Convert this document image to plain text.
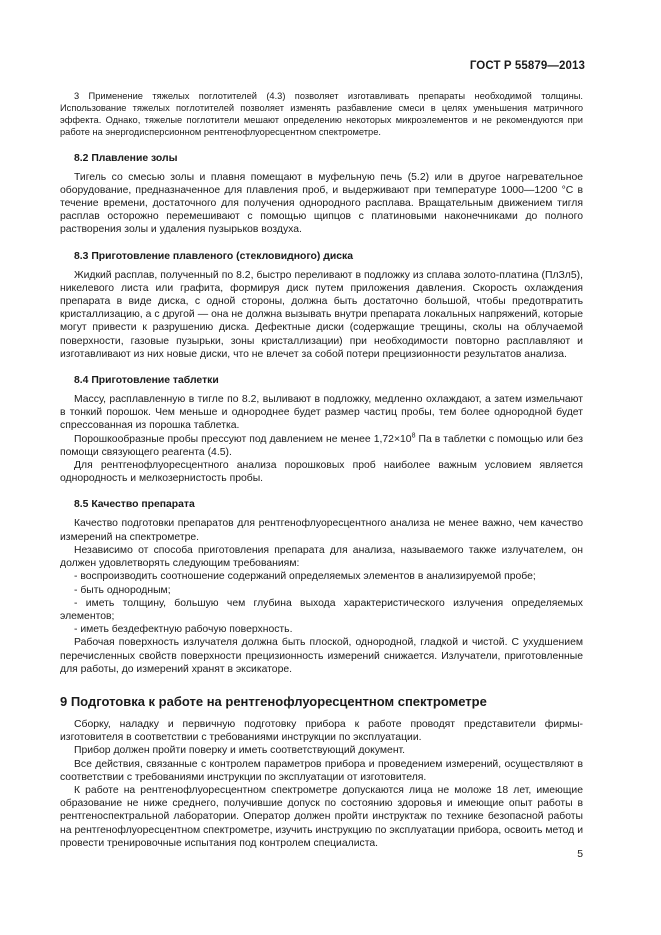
ГОСТ Р 55879—2013

3 Применение тяжелых поглотителей (4.3) позволяет изготавливать препараты необходимой толщины. Использование тяжелых поглотителей позволяет изменять разбавление смеси в целях уменьшения матричного эффекта. Однако, тяжелые поглотители мешают определению некоторых микроэлементов и не рекомендуются при работе на энергодисперсионном рентгенофлуоресцентном спектрометре.

8.2 Плавление золы

Тигель со смесью золы и плавня помещают в муфельную печь (5.2) или в другое нагревательное оборудование, предназначенное для плавления проб, и выдерживают при температуре 1000—1200 °C в течение времени, достаточного для получения однородного расплава. Вращательным движением тигля расплав осторожно перемешивают с помощью щипцов с платиновыми наконечниками до полного растворения золы и удаления пузырьков воздуха.

8.3 Приготовление плавленого (стекловидного) диска

Жидкий расплав, полученный по 8.2, быстро переливают в подложку из сплава золото-платина (ПлЗл5), никелевого листа или графита, формируя диск путем приложения давления. Скорость охлаждения препарата в виде диска, с одной стороны, должна быть достаточно большой, чтобы предотвратить кристаллизацию, а с другой — она не должна вызывать внутри препарата локальных напряжений, которые могут привести к разрушению диска. Дефектные диски (содержащие трещины, сколы на облучаемой поверхности, газовые пузырьки, зоны кристаллизации) при необходимости повторно расплавляют и изготавливают из них новые диски, что не влечет за собой потери прецизионности результатов анализа.

8.4 Приготовление таблетки

Массу, расплавленную в тигле по 8.2, выливают в подложку, медленно охлаждают, а затем измельчают в тонкий порошок. Чем меньше и однороднее будет размер частиц пробы, тем более однородной будет спрессованная из порошка таблетка.

Порошкообразные пробы прессуют под давлением не менее $1,72\times 10^8$ Па в таблетки с помощью или без помощи связующего реагента (4.5).

Для рентгенофлуоресцентного анализа порошковых проб наиболее важным условием является однородность и мелкозернистость пробы.

8.5 Качество препарата

Качество подготовки препаратов для рентгенофлуоресцентного анализа не менее важно, чем качество измерений на спектрометре.

Независимо от способа приготовления препарата для анализа, называемого также излучателем, он должен удовлетворять следующим требованиям:

- воспроизводить соотношение содержаний определяемых элементов в анализируемой пробе;

- быть однородным;

- иметь толщину, большую чем глубина выхода характеристического излучения определяемых элементов;

- иметь бездефектную рабочую поверхность.

Рабочая поверхность излучателя должна быть плоской, однородной, гладкой и чистой. С ухудшением перечисленных свойств поверхности прецизионность измерений снижается. Излучатели, приготовленные для работы, до измерений хранят в эксикаторе.

9 Подготовка к работе на рентгенофлуоресцентном спектрометре

Сборку, наладку и первичную подготовку прибора к работе проводят представители фирмы-изготовителя в соответствии с требованиями инструкции по эксплуатации.

Прибор должен пройти поверку и иметь соответствующий документ.

Все действия, связанные с контролем параметров прибора и проведением измерений, осуществляют в соответствии с требованиями инструкции по эксплуатации от изготовителя.

К работе на рентгенофлуоресцентном спектрометре допускаются лица не моложе 18 лет, имеющие образование не ниже среднего, получившие допуск по состоянию здоровья и имеющие опыт работы в рентгеноспектральной лаборатории. Оператор должен пройти инструктаж по технике безопасной работы на рентгенофлуоресцентном спектрометре, изучить инструкцию по эксплуатации прибора, освоить метод и провести тренировочные испытания под контролем специалиста.

5
